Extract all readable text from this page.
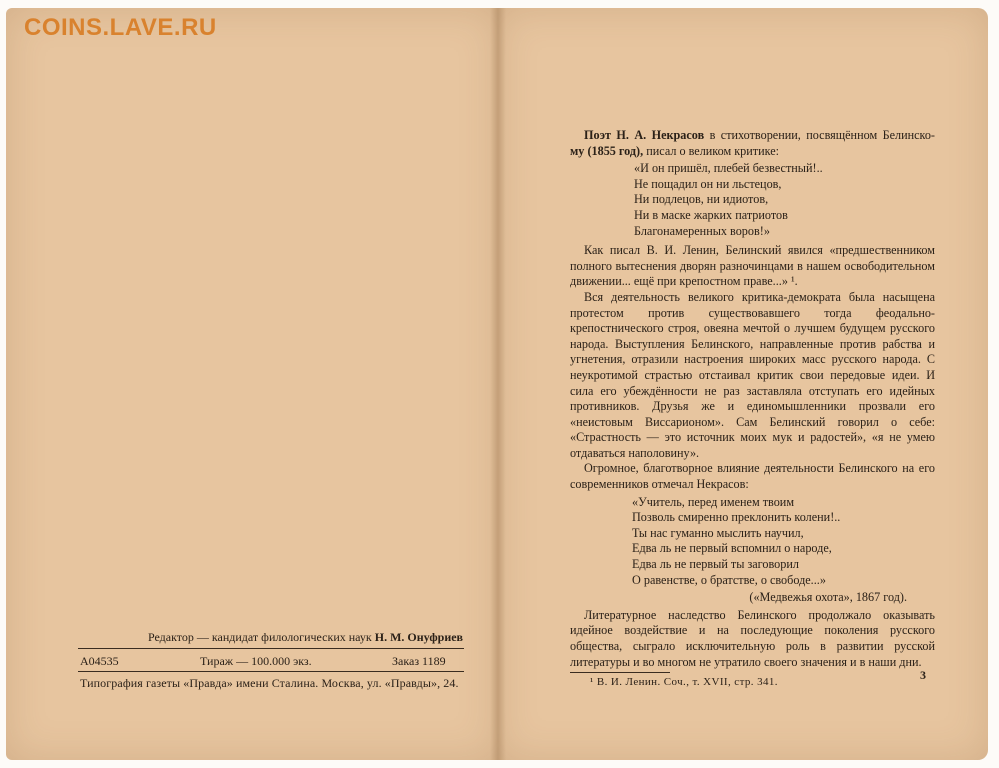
COINS.LAVE.RU
Редактор — кандидат филологических наук Н. М. Онуфриев
А04535	Тираж — 100.000 экз.	Заказ 1189
Типография газеты «Правда» имени Сталина. Москва, ул. «Правды», 24.

Поэт Н. А. Некрасов в стихотворении, посвящённом Белинско- му (1855 год), писал о великом критике:

«И он пришёл, плебей безвестный!..
Не пощадил он ни льстецов,
Ни подлецов, ни идиотов,
Ни в маске жарких патриотов
Благонамеренных воров!»

Как писал В. И. Ленин, Белинский явился «предшественником полного вытеснения дворян разночинцами в нашем освободительном движении... ещё при крепостном праве...» ¹.

Вся деятельность великого критика-демократа была насыщена протестом против существовавшего тогда феодально-крепостнического строя, овеяна мечтой о лучшем будущем русского народа. Выступления Белинского, направленные против рабства и угнетения, отразили настроения широких масс русского народа. С неукротимой страстью отстаивал критик свои передовые идеи. И сила его убеждённости не раз заставляла отступать его идейных противников. Друзья же и единомышленники прозвали его «неистовым Виссарионом». Сам Белинский говорил о себе: «Страстность — это источник моих мук и радостей», «я не умею отдаваться наполовину».

Огромное, благотворное влияние деятельности Белинского на его современников отмечал Некрасов:

«Учитель, перед именем твоим
Позволь смиренно преклонить колени!..
Ты нас гуманно мыслить научил,
Едва ль не первый вспомнил о народе,
Едва ль не первый ты заговорил
О равенстве, о братстве, о свободе...»
(«Медвежья охота», 1867 год).

Литературное наследство Белинского продолжало оказывать идейное воздействие и на последующие поколения русского общества, сыграло исключительную роль в развитии русской литературы и во многом не утратило своего значения и в наши дни.

¹ В. И. Ленин. Соч., т. XVII, стр. 341.
3
